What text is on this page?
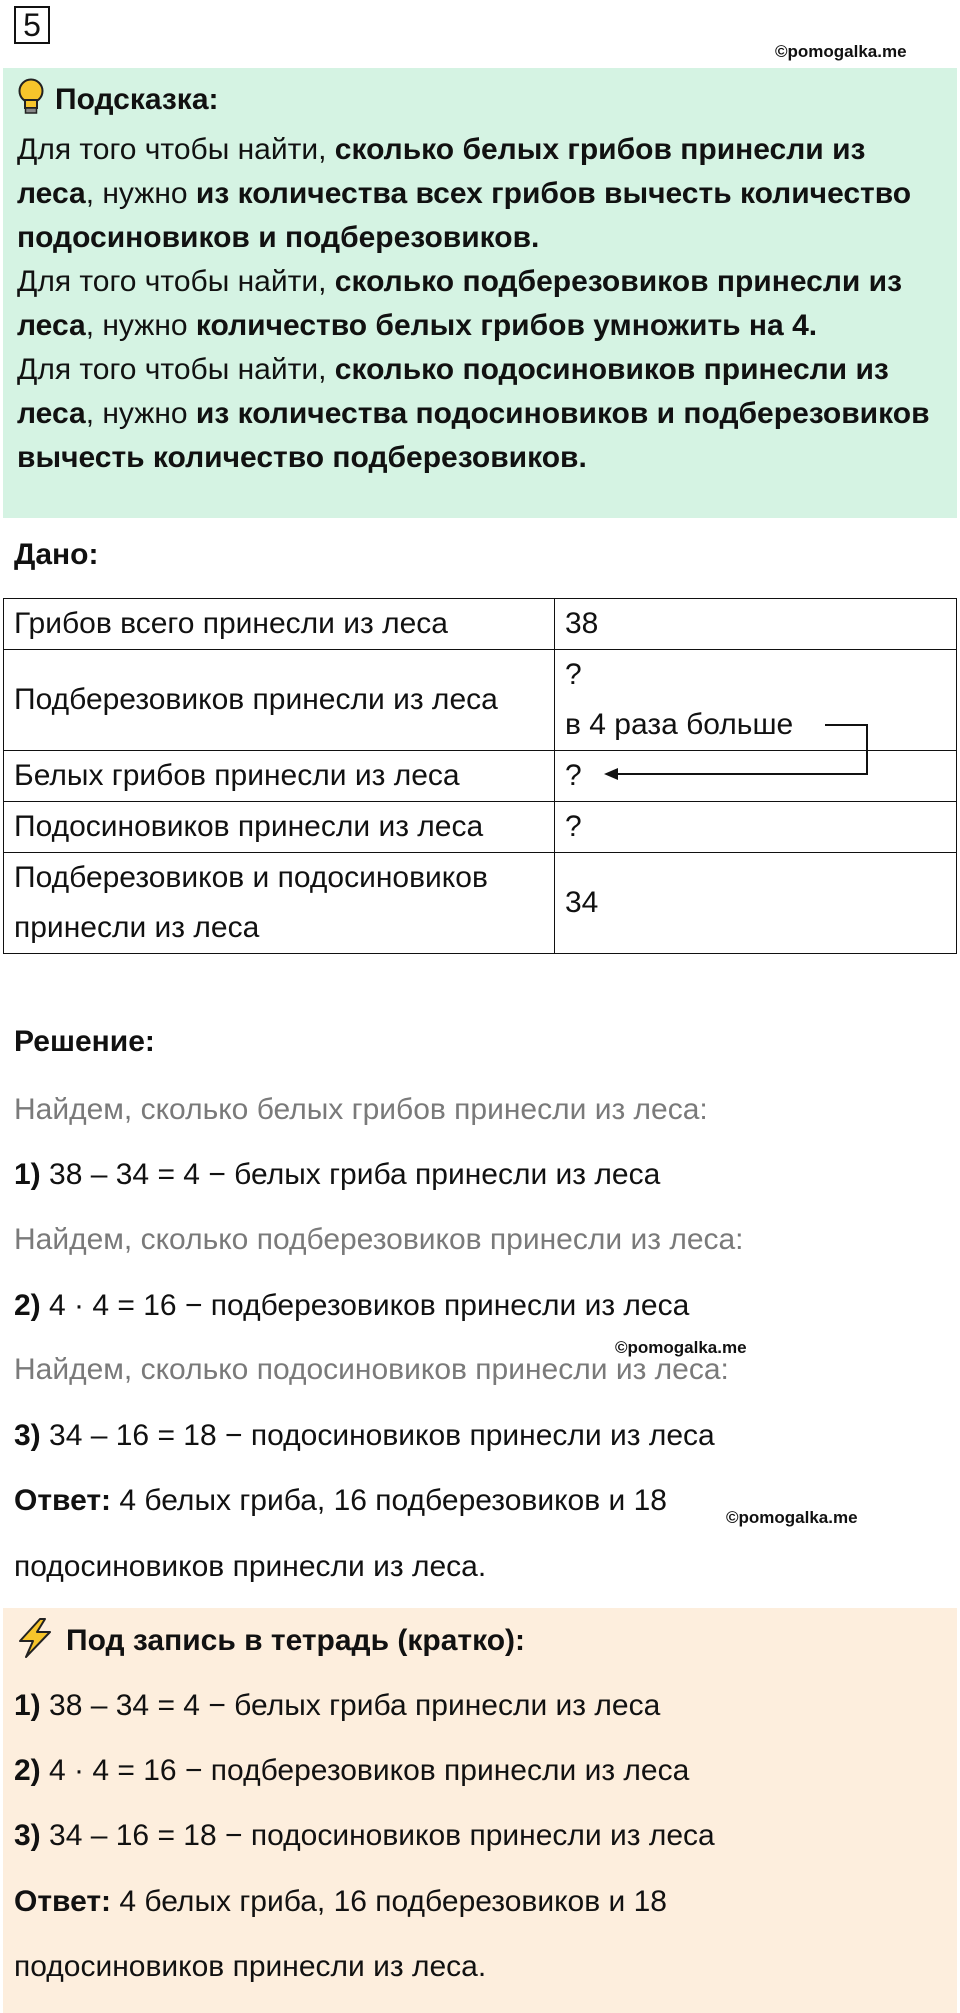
5
©pomogalka.me
Подсказка:

Для того чтобы найти, сколько белых грибов принесли из леса, нужно из количества всех грибов вычесть количество подосиновиков и подберезовиков.

Для того чтобы найти, сколько подберезовиков принесли из леса, нужно количество белых грибов умножить на 4.

Для того чтобы найти, сколько подосиновиков принесли из леса, нужно из количества подосиновиков и подберезовиков вычесть количество подберезовиков.

Дано:
Грибов всего принесли из леса	38
Подберезовиков принесли из леса	?
в 4 раза больше

Белых грибов принесли из леса	?
Подосиновиков принесли из леса	?
Подберезовиков и подосиновиков принесли из леса	34
Решение:
Найдем, сколько белых грибов принесли из леса:
1) 38 – 34 = 4 − белых гриба принесли из леса
Найдем, сколько подберезовиков принесли из леса:
2) 4 · 4 = 16 − подберезовиков принесли из леса
©pomogalka.me
Найдем, сколько подосиновиков принесли из леса:
3) 34 – 16 = 18 − подосиновиков принесли из леса
Ответ: 4 белых гриба, 16 подберезовиков и 18
©pomogalka.me
подосиновиков принесли из леса.
Под запись в тетрадь (кратко):
1) 38 – 34 = 4 − белых гриба принесли из леса
2) 4 · 4 = 16 − подберезовиков принесли из леса
3) 34 – 16 = 18 − подосиновиков принесли из леса
Ответ: 4 белых гриба, 16 подберезовиков и 18
подосиновиков принесли из леса.
